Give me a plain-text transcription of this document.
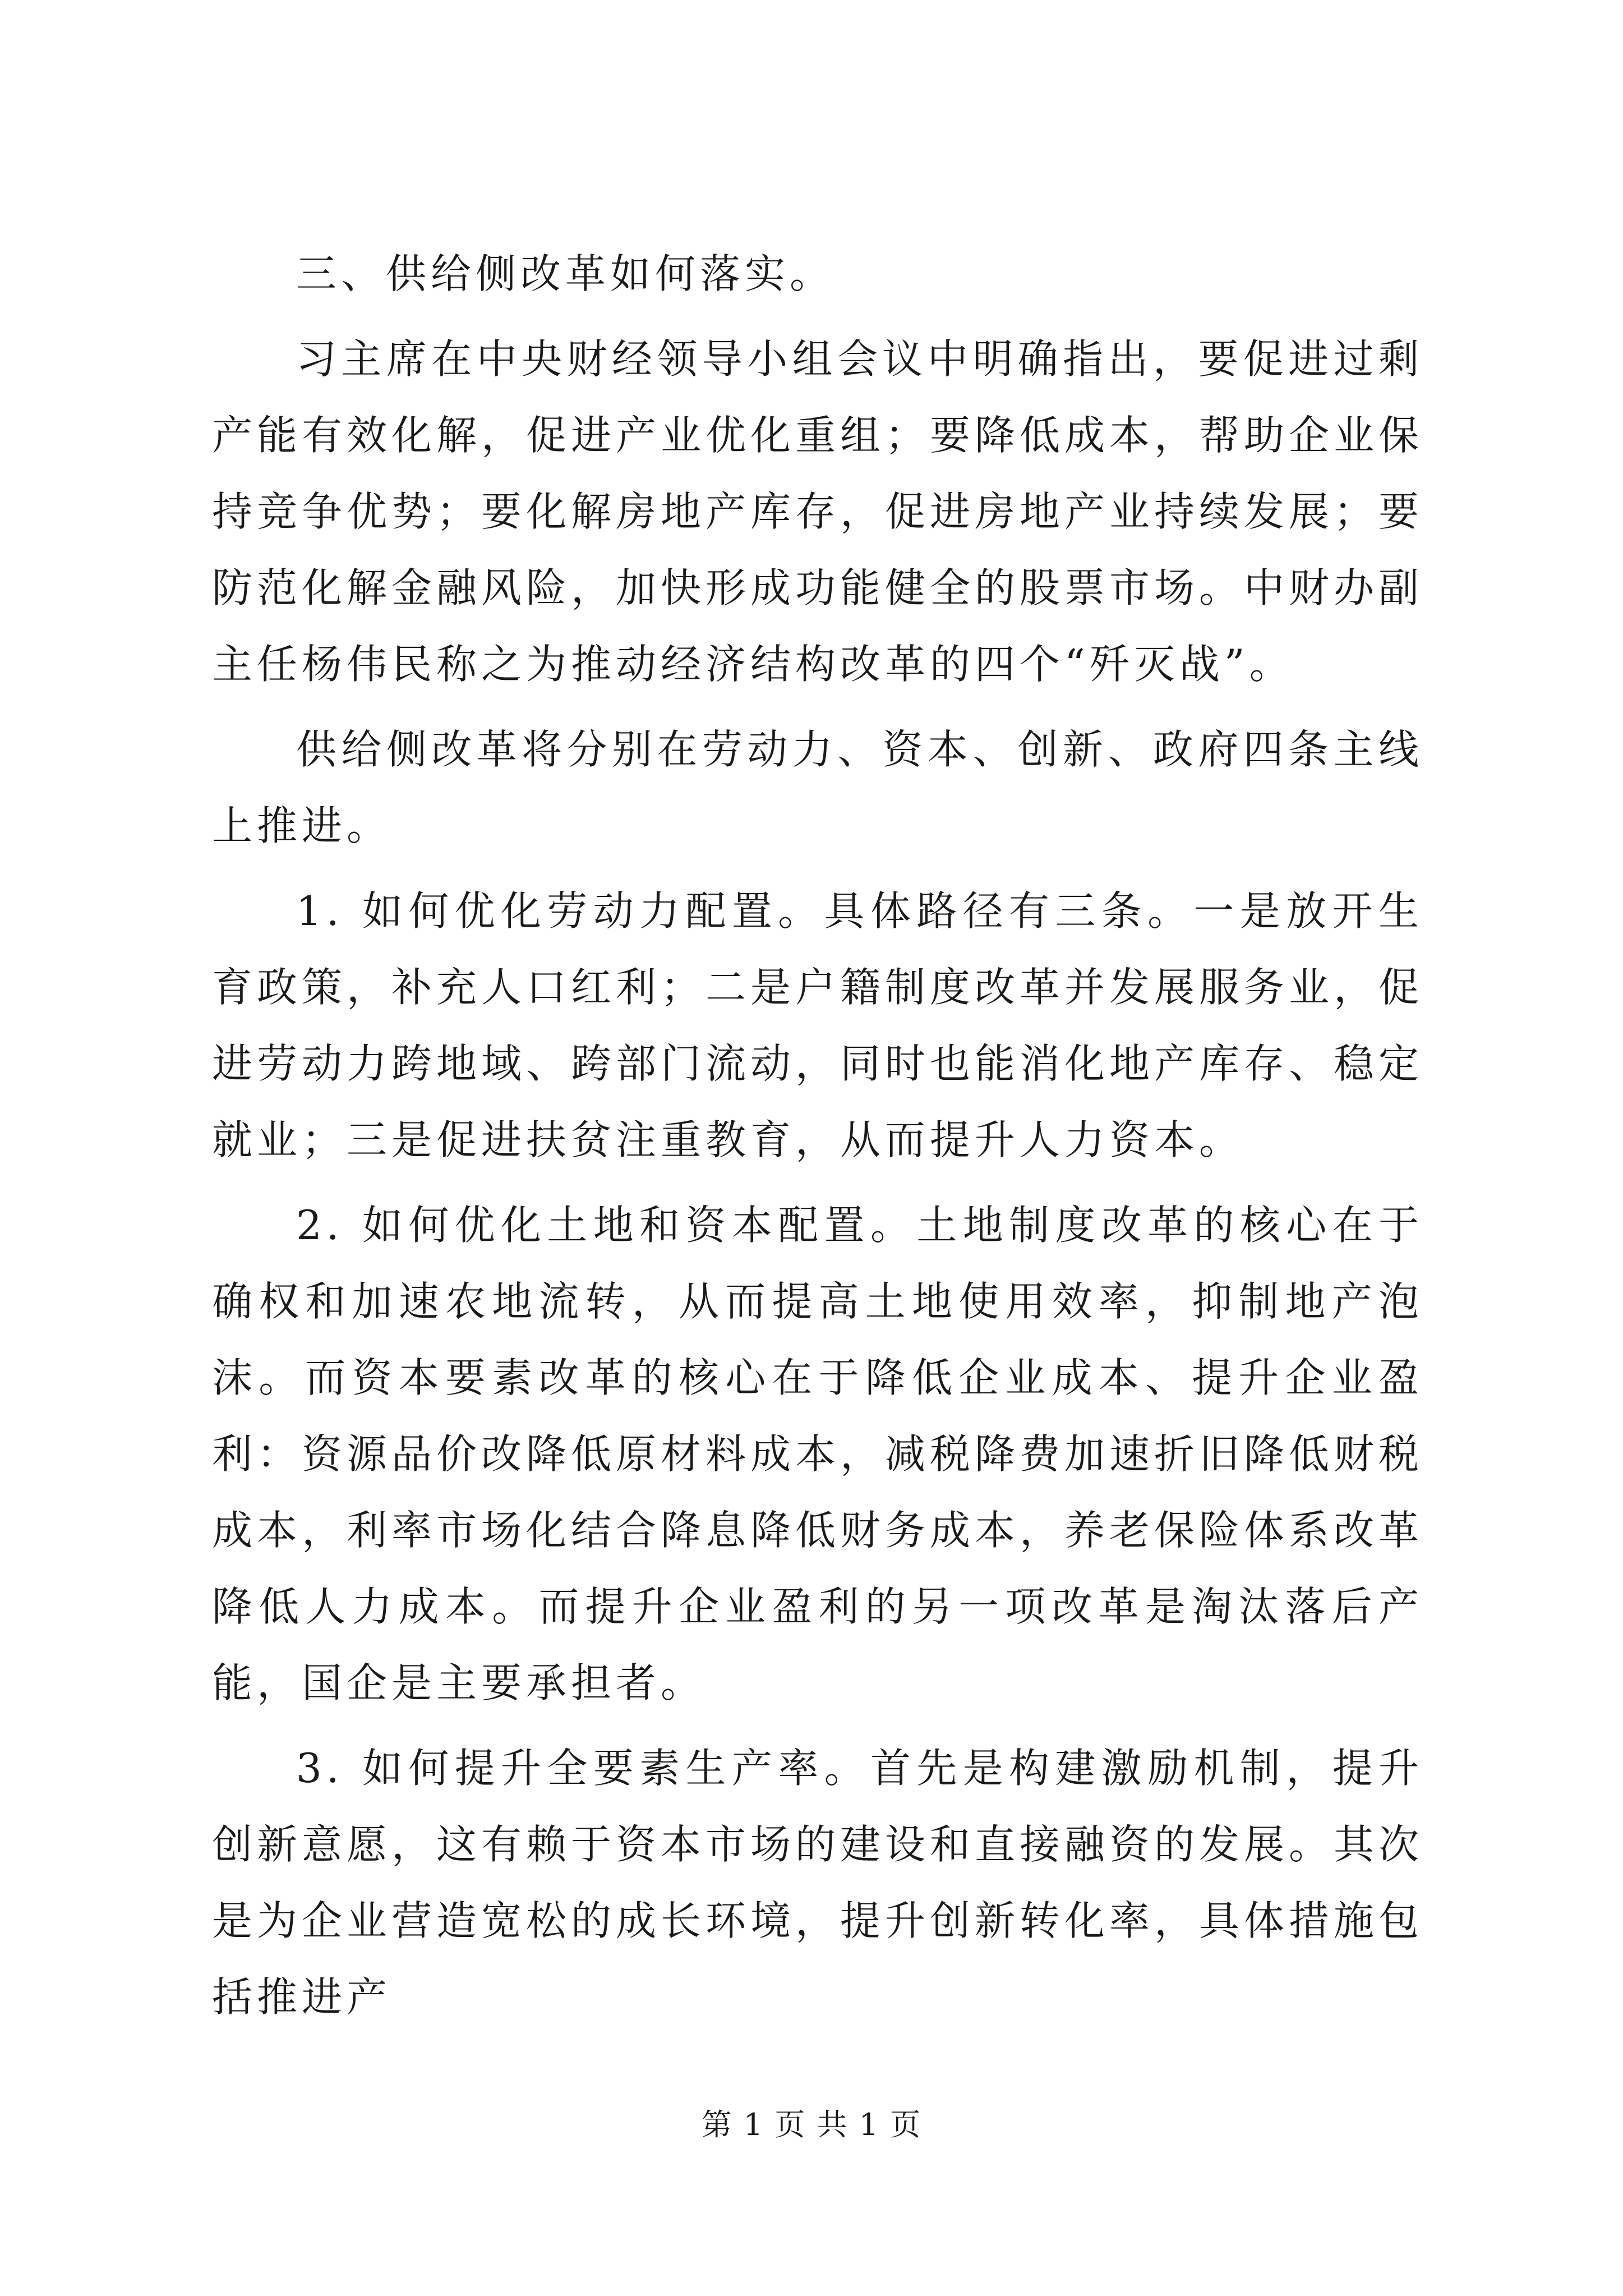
三、供给侧改革如何落实。

习主席在中央财经领导小组会议中明确指出，要促进过剩产能有效化解，促进产业优化重组；要降低成本，帮助企业保持竞争优势；要化解房地产库存，促进房地产业持续发展；要防范化解金融风险，加快形成功能健全的股票市场。中财办副主任杨伟民称之为推动经济结构改革的四个“歼灭战”。

供给侧改革将分别在劳动力、资本、创新、政府四条主线上推进。

1. 如何优化劳动力配置。具体路径有三条。一是放开生育政策，补充人口红利；二是户籍制度改革并发展服务业，促进劳动力跨地域、跨部门流动，同时也能消化地产库存、稳定就业；三是促进扶贫注重教育，从而提升人力资本。

2. 如何优化土地和资本配置。土地制度改革的核心在于确权和加速农地流转，从而提高土地使用效率，抑制地产泡沫。而资本要素改革的核心在于降低企业成本、提升企业盈利：资源品价改降低原材料成本，减税降费加速折旧降低财税成本，利率市场化结合降息降低财务成本，养老保险体系改革降低人力成本。而提升企业盈利的另一项改革是淘汰落后产能，国企是主要承担者。

3. 如何提升全要素生产率。首先是构建激励机制，提升创新意愿，这有赖于资本市场的建设和直接融资的发展。其次是为企业营造宽松的成长环境，提升创新转化率，具体措施包括推进产

第 1 页 共 1 页
